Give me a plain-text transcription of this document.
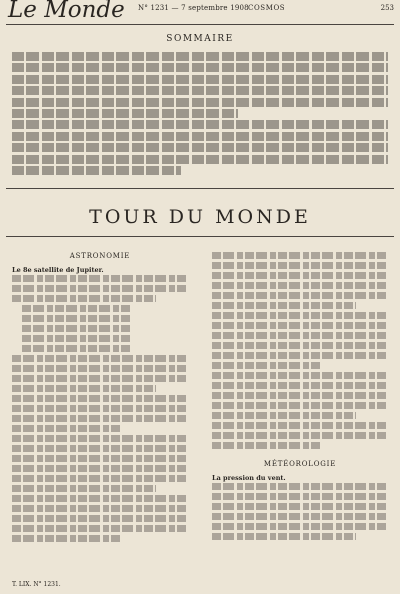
Le Monde N° 1231 — 7 septembre 1908 COSMOS	253
SOMMAIRE
TOUR DU MONDE
ASTRONOMIE
Le 8e satellite de Jupiter.
MÉTÉOROLOGIE
La pression du vent.
T. LIX. N° 1231.
